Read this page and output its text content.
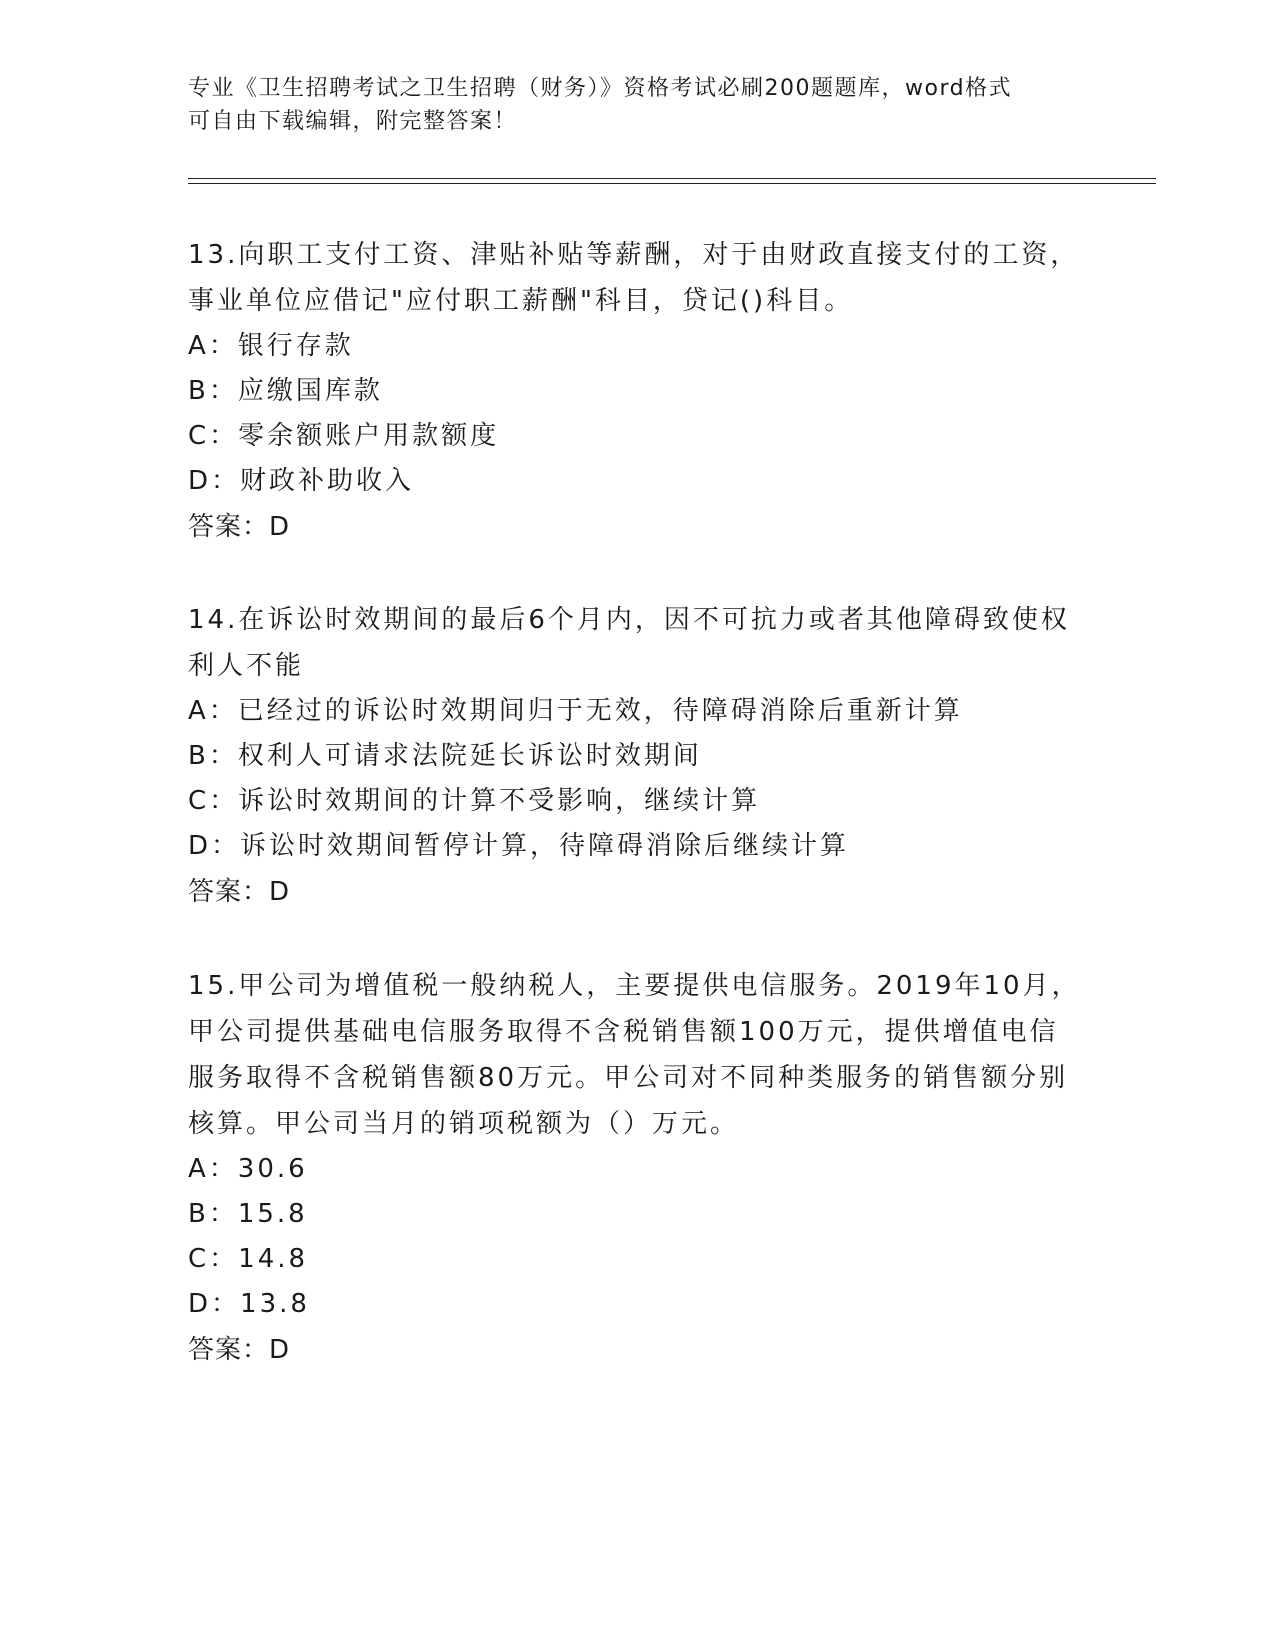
专业《卫生招聘考试之卫生招聘（财务）》资格考试必刷200题题库，word格式

可自由下载编辑，附完整答案！

13.向职工支付工资、津贴补贴等薪酬，对于由财政直接支付的工资，

事业单位应借记"应付职工薪酬"科目，贷记()科目。

A：银行存款

B：应缴国库款

C：零余额账户用款额度

D：财政补助收入

答案：D

14.在诉讼时效期间的最后6个月内，因不可抗力或者其他障碍致使权

利人不能

A：已经过的诉讼时效期间归于无效，待障碍消除后重新计算

B：权利人可请求法院延长诉讼时效期间

C：诉讼时效期间的计算不受影响，继续计算

D：诉讼时效期间暂停计算，待障碍消除后继续计算

答案：D

15.甲公司为增值税一般纳税人，主要提供电信服务。2019年10月，

甲公司提供基础电信服务取得不含税销售额100万元，提供增值电信

服务取得不含税销售额80万元。甲公司对不同种类服务的销售额分别

核算。甲公司当月的销项税额为（）万元。

A：30.6

B：15.8

C：14.8

D：13.8

答案：D
